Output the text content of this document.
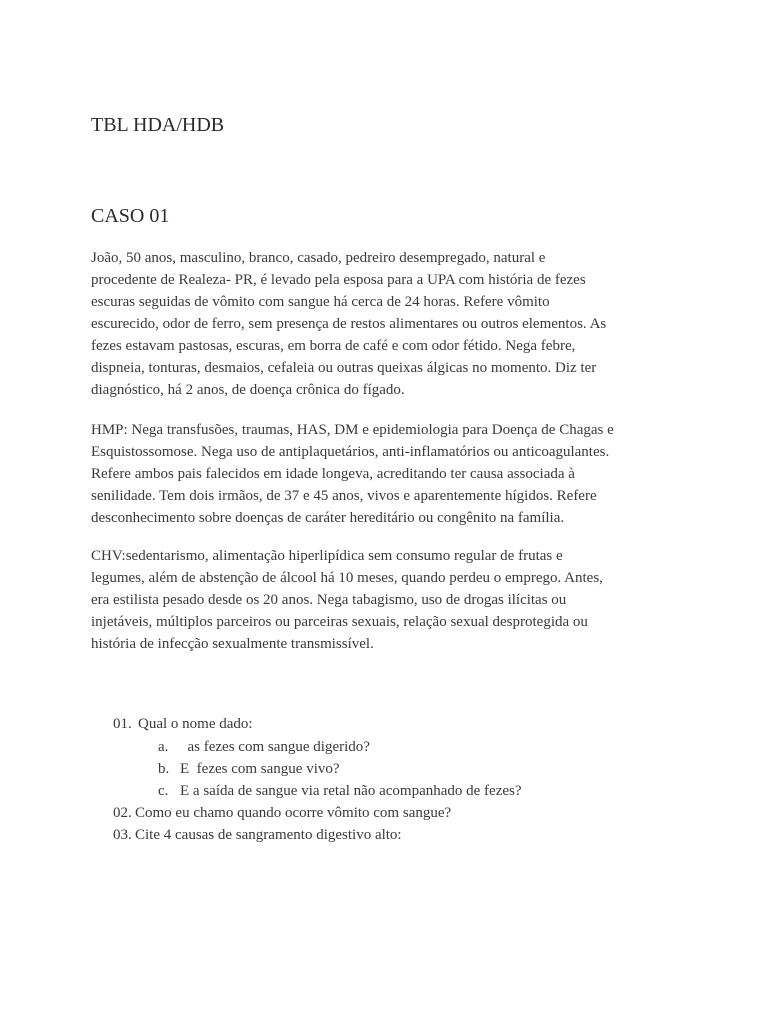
TBL HDA/HDB
CASO 01

João, 50 anos, masculino, branco, casado, pedreiro desempregado, natural e
procedente de Realeza- PR, é levado pela esposa para a UPA com história de fezes
escuras seguidas de vômito com sangue há cerca de 24 horas. Refere vômito
escurecido, odor de ferro, sem presença de restos alimentares ou outros elementos. As
fezes estavam pastosas, escuras, em borra de café e com odor fétido. Nega febre,
dispneia, tonturas, desmaios, cefaleia ou outras queixas álgicas no momento. Diz ter
diagnóstico, há 2 anos, de doença crônica do fígado.

HMP: Nega transfusões, traumas, HAS, DM e epidemiologia para Doença de Chagas e
Esquistossomose. Nega uso de antiplaquetários, anti-inflamatórios ou anticoagulantes.
Refere ambos pais falecidos em idade longeva, acreditando ter causa associada à
senilidade. Tem dois irmãos, de 37 e 45 anos, vivos e aparentemente hígidos. Refere
desconhecimento sobre doenças de caráter hereditário ou congênito na família.

CHV:sedentarismo, alimentação hiperlipídica sem consumo regular de frutas e
legumes, além de abstenção de álcool há 10 meses, quando perdeu o emprego. Antes,
era estilista pesado desde os 20 anos. Nega tabagismo, uso de drogas ilícitas ou
injetáveis, múltiplos parceiros ou parceiras sexuais, relação sexual desprotegida ou
história de infecção sexualmente transmissível.

01. Qual o nome dado:
a. as fezes com sangue digerido?
b. E  fezes com sangue vivo?
c. E a saída de sangue via retal não acompanhado de fezes?
02. Como eu chamo quando ocorre vômito com sangue?
03. Cite 4 causas de sangramento digestivo alto:
